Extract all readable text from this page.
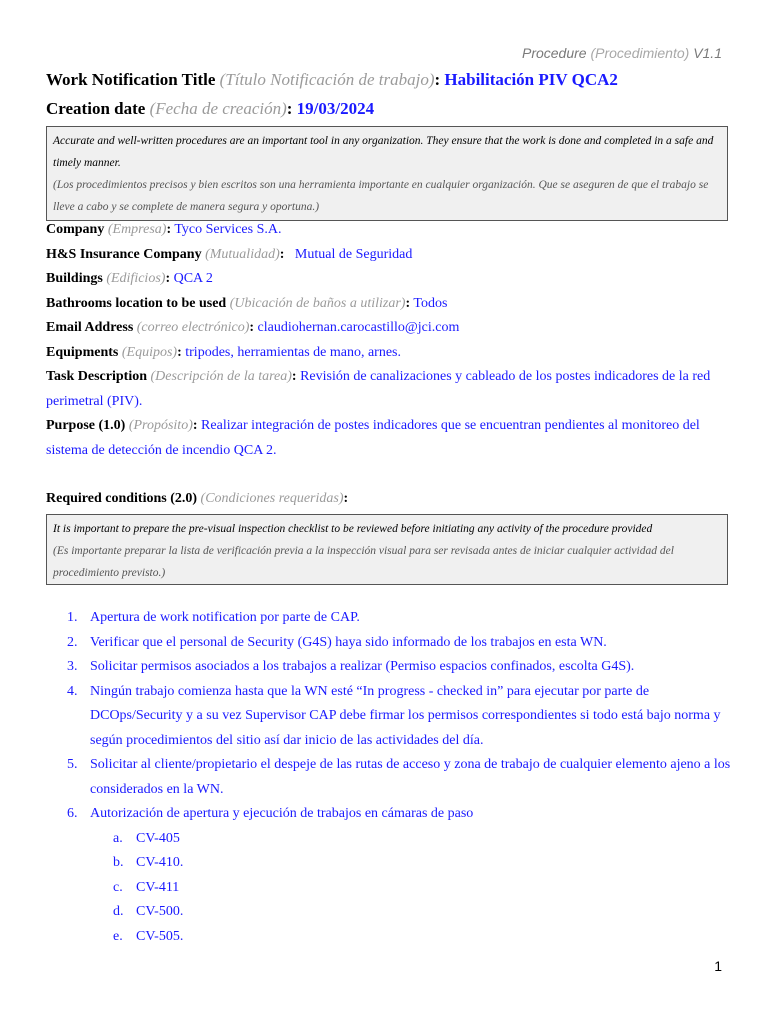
Procedure (Procedimiento) V1.1
Work Notification Title (Título Notificación de trabajo): Habilitación PIV QCA2
Creation date (Fecha de creación): 19/03/2024
Accurate and well-written procedures are an important tool in any organization. They ensure that the work is done and completed in a safe and timely manner.
(Los procedimientos precisos y bien escritos son una herramienta importante en cualquier organización. Que se aseguren de que el trabajo se lleve a cabo y se complete de manera segura y oportuna.)
Company (Empresa): Tyco Services S.A.
H&S Insurance Company (Mutualidad):   Mutual de Seguridad
Buildings (Edificios): QCA 2
Bathrooms location to be used (Ubicación de baños a utilizar): Todos
Email Address (correo electrónico): claudiohernan.carocastillo@jci.com
Equipments (Equipos): tripodes, herramientas de mano, arnes.
Task Description (Descripción de la tarea): Revisión de canalizaciones y cableado de los postes indicadores de la red perimetral (PIV).
Purpose (1.0) (Propósito): Realizar integración de postes indicadores que se encuentran pendientes al monitoreo del sistema de detección de incendio QCA 2.
Required conditions (2.0) (Condiciones requeridas):
It is important to prepare the pre-visual inspection checklist to be reviewed before initiating any activity of the procedure provided
(Es importante preparar la lista de verificación previa a la inspección visual para ser revisada antes de iniciar cualquier actividad del procedimiento previsto.)
1. Apertura de work notification por parte de CAP.
2. Verificar que el personal de Security (G4S) haya sido informado de los trabajos en esta WN.
3. Solicitar permisos asociados a los trabajos a realizar (Permiso espacios confinados, escolta G4S).
4. Ningún trabajo comienza hasta que la WN esté “In progress - checked in” para ejecutar por parte de DCOps/Security y a su vez Supervisor CAP debe firmar los permisos correspondientes si todo está bajo norma y según procedimientos del sitio así dar inicio de las actividades del día.
5. Solicitar al cliente/propietario el despeje de las rutas de acceso y zona de trabajo de cualquier elemento ajeno a los considerados en la WN.
6. Autorización de apertura y ejecución de trabajos en cámaras de paso
a. CV-405
b. CV-410.
c. CV-411
d. CV-500.
e. CV-505.
1
